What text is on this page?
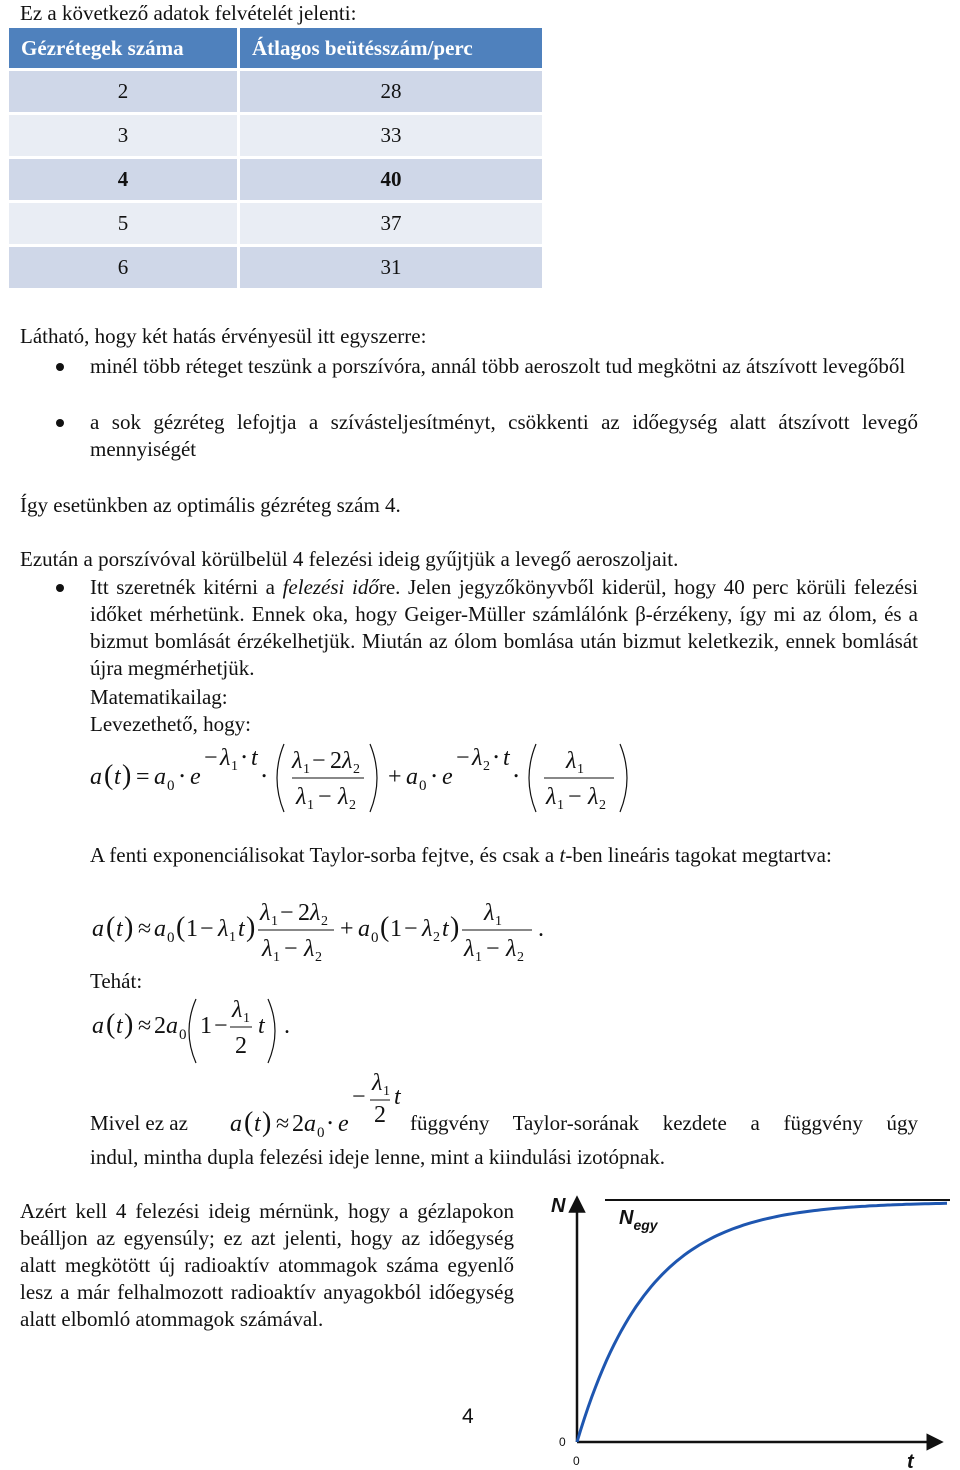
Ez a következő adatok felvételét jelenti:
Gézrétegek száma	Átlagos beütésszám/perc
2	28
3	33
4	40
5	37
6	31
Látható, hogy két hatás érvényesül itt egyszerre:

minél több réteget teszünk a porszívóra, annál több aeroszolt tud megkötni az átszívott levegőből

a sok gézréteg lefojtja a szívásteljesítményt, csökkenti az időegység alatt átszívott levegő mennyiségét

Így esetünkben az optimális gézréteg szám 4.
Ezután a porszívóval körülbelül 4 felezési ideig gyűjtjük a levegő aeroszoljait.

Itt szeretnék kitérni a felezési időre. Jelen jegyzőkönyvből kiderül, hogy 40 perc körüli felezési időket mérhetünk. Ennek oka, hogy Geiger-Müller számlálónk β-érzékeny, így mi az ólom, és a bizmut bomlását érzékelhetjük. Miután az ólom bomlása után bizmut keletkezik, ennek bomlását újra megmérhetjük.

Matematikailag:
Levezethető, hogy:
a ( t ) = a 0 ⋅ e
− λ 1 ⋅ t
⋅
λ 1 − 2 λ 2
λ 1 − λ 2
+ a 0 ⋅ e
− λ 2 ⋅ t
⋅
λ 1
λ 1 − λ 2

A fenti exponenciálisokat Taylor-sorba fejtve, és csak a t-ben lineáris tagokat megtartva:

a ( t ) ≈ a 0 ( 1 − λ 1 t ) λ 1 − 2 λ 2
λ 1 − λ 2
+ a 0 ( 1 − λ 2 t ) λ 1
λ 1 − λ 2
.
Tehát:
a ( t ) ≈ 2 a 0 1 −
λ 1
2
t .
Mivel ez az a ( t ) ≈ 2 a 0 ⋅ e
−
λ 1
2
t
függvény Taylor-sorának kezdete a függvény úgy
indul, mintha dupla felezési ideje lenne, mint a kiindulási izotópnak.

Azért kell 4 felezési ideig mérnünk, hogy a gézlapokon beálljon az egyensúly; ez azt jelenti, hogy az időegység alatt megkötött új radioaktív atommagok száma egyenlő lesz a már felhalmozott radioaktív anyagokból időegység alatt elbomló atommagok számával.

4
N
$N_{egy}$
t
0
0
